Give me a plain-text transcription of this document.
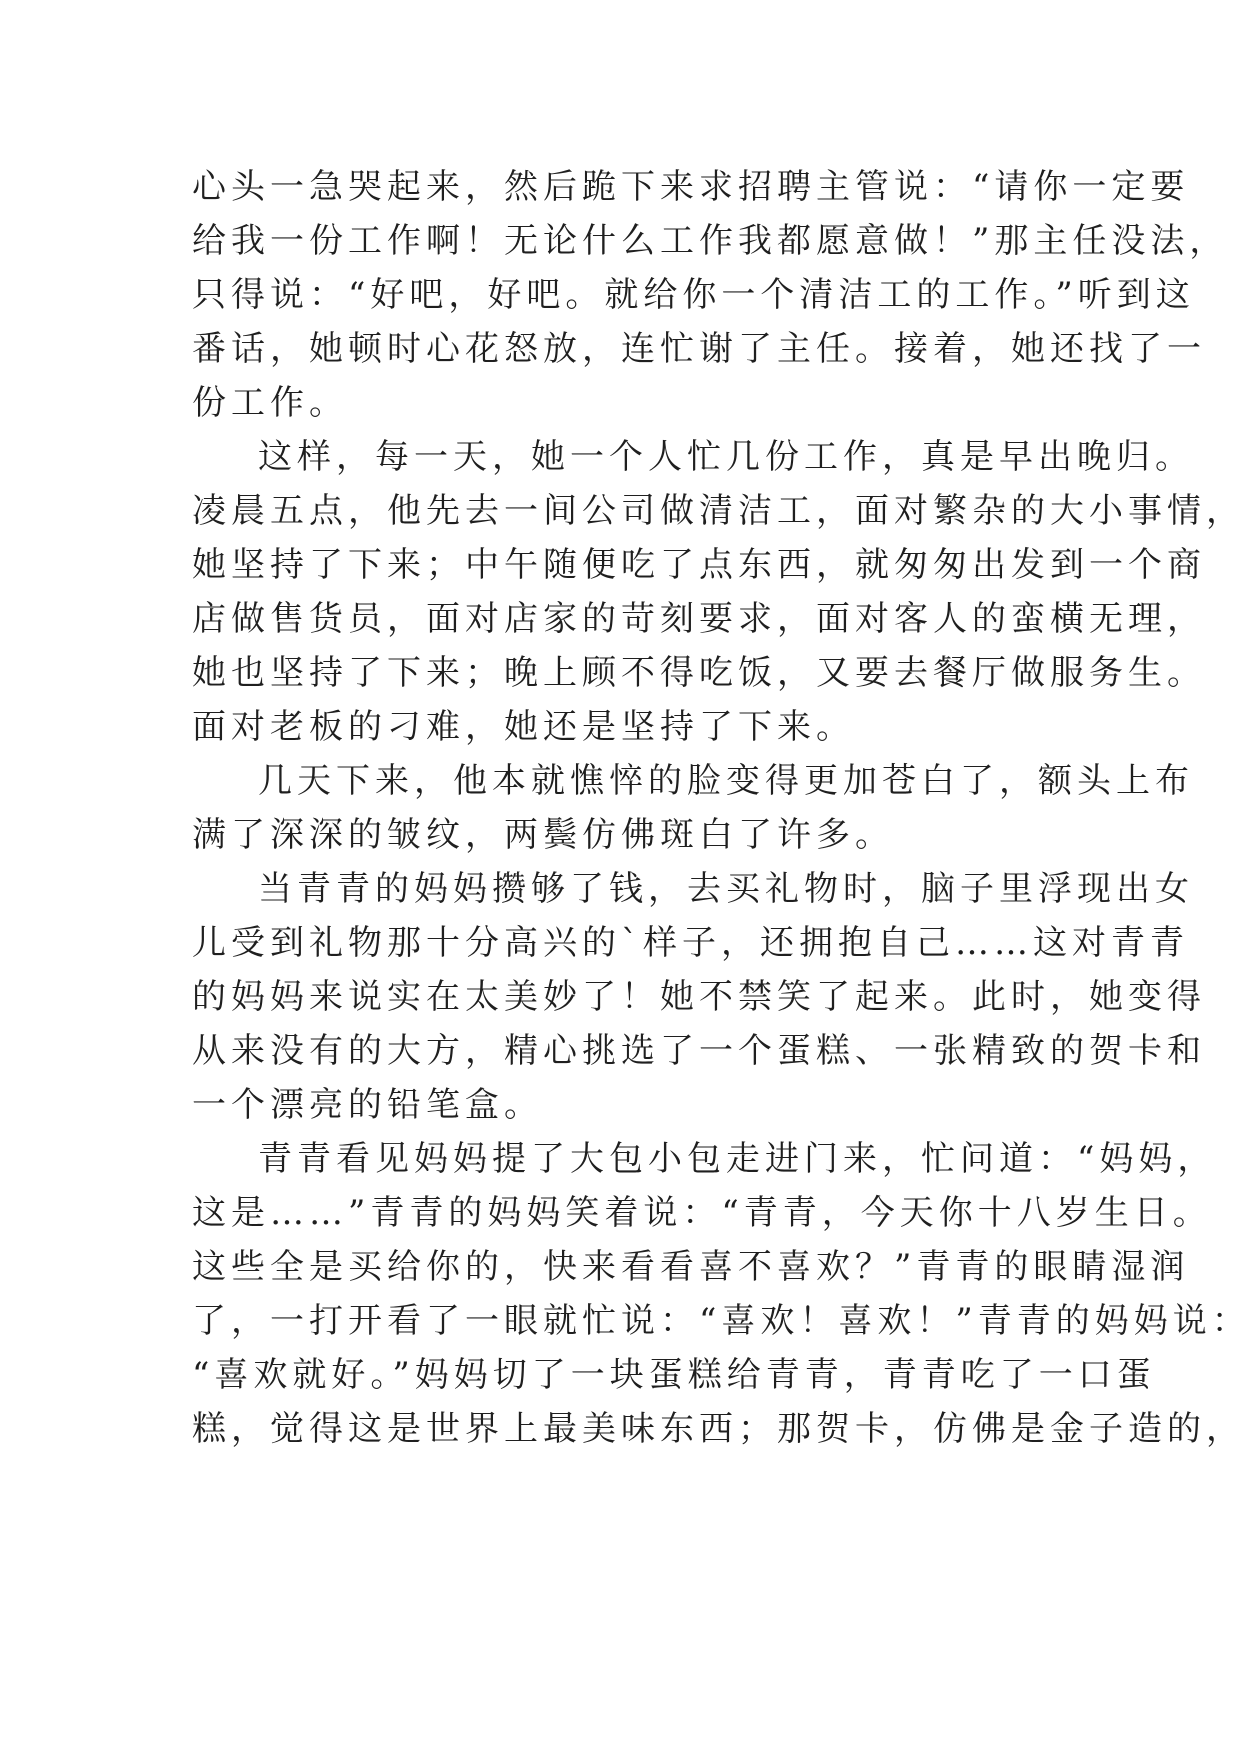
心头一急哭起来，然后跪下来求招聘主管说：“请你一定要
给我一份工作啊！无论什么工作我都愿意做！”那主任没法，
只得说：“好吧，好吧。就给你一个清洁工的工作。”听到这
番话，她顿时心花怒放，连忙谢了主任。接着，她还找了一
份工作。
这样，每一天，她一个人忙几份工作，真是早出晚归。
凌晨五点，他先去一间公司做清洁工，面对繁杂的大小事情，
她坚持了下来；中午随便吃了点东西，就匆匆出发到一个商
店做售货员，面对店家的苛刻要求，面对客人的蛮横无理，
她也坚持了下来；晚上顾不得吃饭，又要去餐厅做服务生。
面对老板的刁难，她还是坚持了下来。
几天下来，他本就憔悴的脸变得更加苍白了，额头上布
满了深深的皱纹，两鬓仿佛斑白了许多。
当青青的妈妈攒够了钱，去买礼物时，脑子里浮现出女
儿受到礼物那十分高兴的`样子，还拥抱自己……这对青青
的妈妈来说实在太美妙了！她不禁笑了起来。此时，她变得
从来没有的大方，精心挑选了一个蛋糕、一张精致的贺卡和
一个漂亮的铅笔盒。
青青看见妈妈提了大包小包走进门来，忙问道：“妈妈，
这是……”青青的妈妈笑着说：“青青，今天你十八岁生日。
这些全是买给你的，快来看看喜不喜欢？”青青的眼睛湿润
了，一打开看了一眼就忙说：“喜欢！喜欢！”青青的妈妈说：
“喜欢就好。”妈妈切了一块蛋糕给青青，青青吃了一口蛋
糕，觉得这是世界上最美味东西；那贺卡，仿佛是金子造的，
